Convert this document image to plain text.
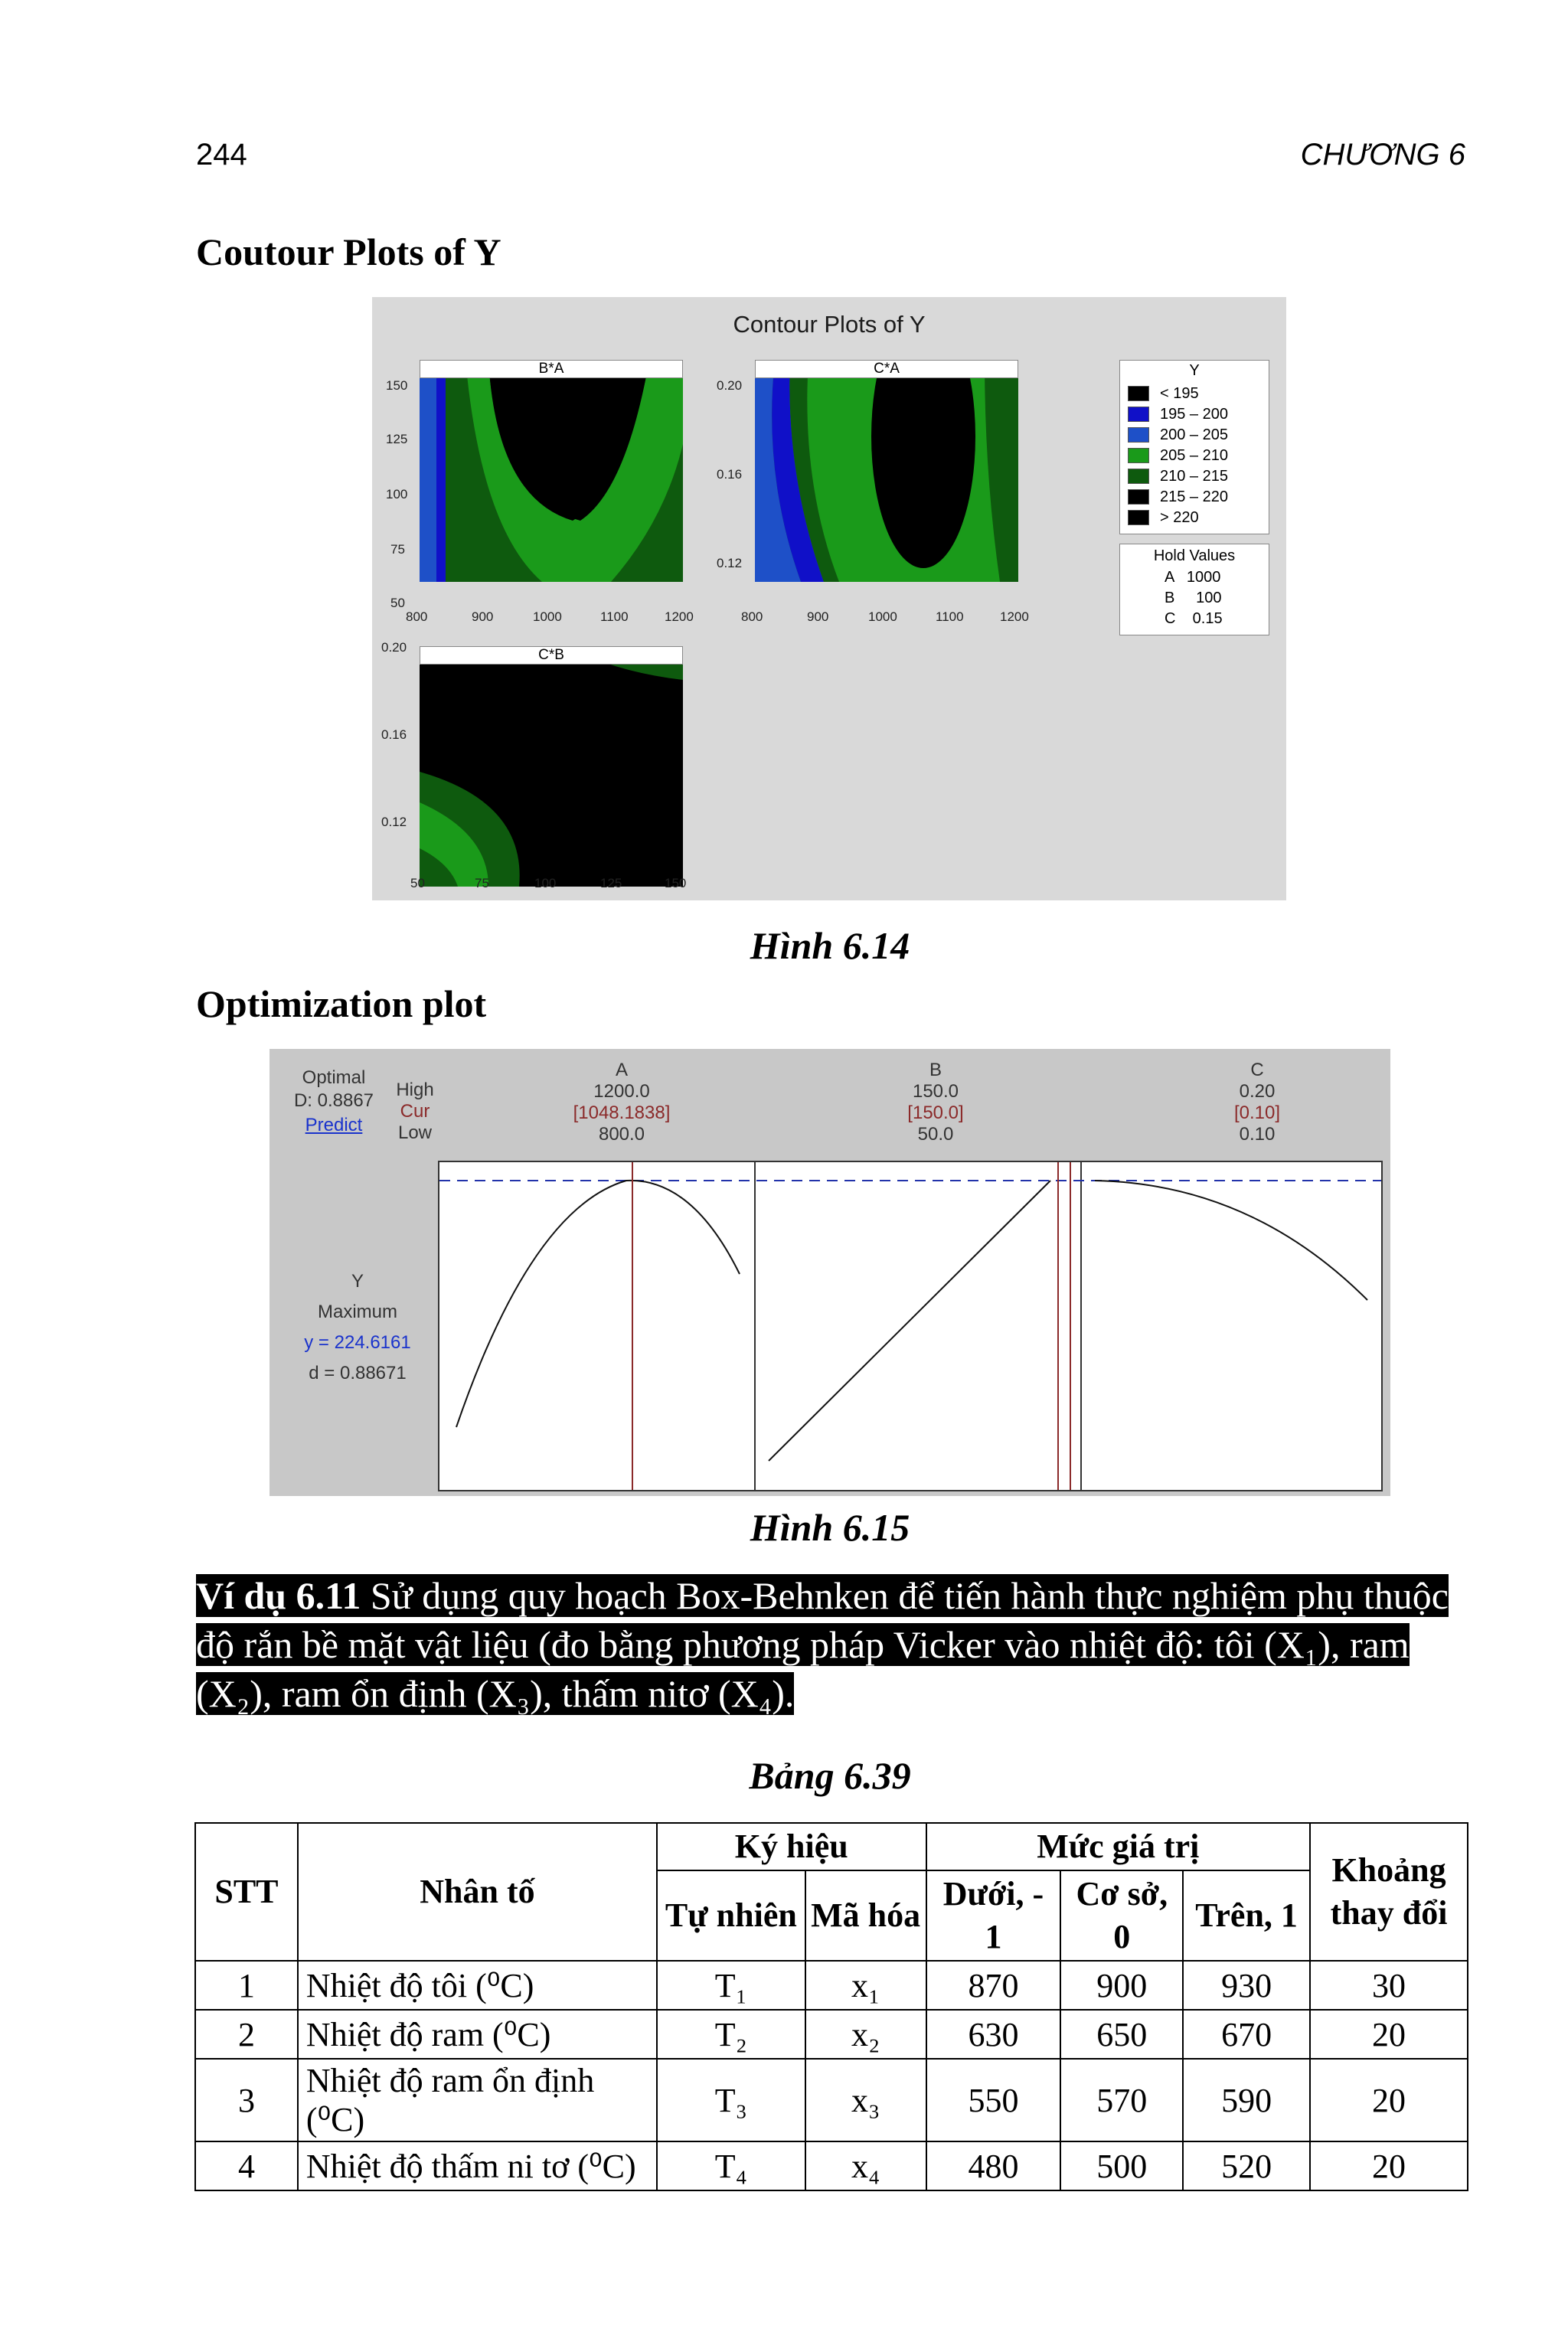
244	CHƯƠNG 6
Coutour Plots of Y
Contour Plots of Y
B*A	C*A
C*B
150
125
100
75
50
800	900	1000	1100	1200
0.20
0.16
0.12
800	900	1000	1100	1200
0.20
0.16
0.12
50	75	100	125	150
Y
< 195
195 – 200
200 – 205
205 – 210
210 – 215
215 – 220
> 220
Hold Values
A   1000
B     100
C    0.15
Hình 6.14
Optimization plot
Optimal
D: 0.8867
Predict
High
Cur
Low
A
1200.0
[1048.1838]
800.0
B
150.0
[150.0]
50.0
C
0.20
[0.10]
0.10
Y
Maximum
y = 224.6161
d = 0.88671
Hình 6.15
Ví dụ 6.11 Sử dụng quy hoạch Box-Behnken để tiến hành thực nghiệm phụ thuộc độ rắn bề mặt vật liệu (đo bằng phương pháp Vicker vào nhiệt độ: tôi (X₁), ram (X₂), ram ổn định (X₃), thấm nitơ (X₄).
Bảng 6.39
STT	Nhân tố	Ký hiệu		Mức giá trị			Khoảng thay đổi
		Tự nhiên	Mã hóa	Dưới, - 1	Cơ sở, 0	Trên, 1	
1	Nhiệt độ tôi (⁰C)	T₁	x₁	870	900	930	30
2	Nhiệt độ ram (⁰C)	T₂	x₂	630	650	670	20
3	Nhiệt độ ram ổn định (⁰C)	T₃	x₃	550	570	590	20
4	Nhiệt độ thấm ni tơ (⁰C)	T₄	x₄	480	500	520	20
